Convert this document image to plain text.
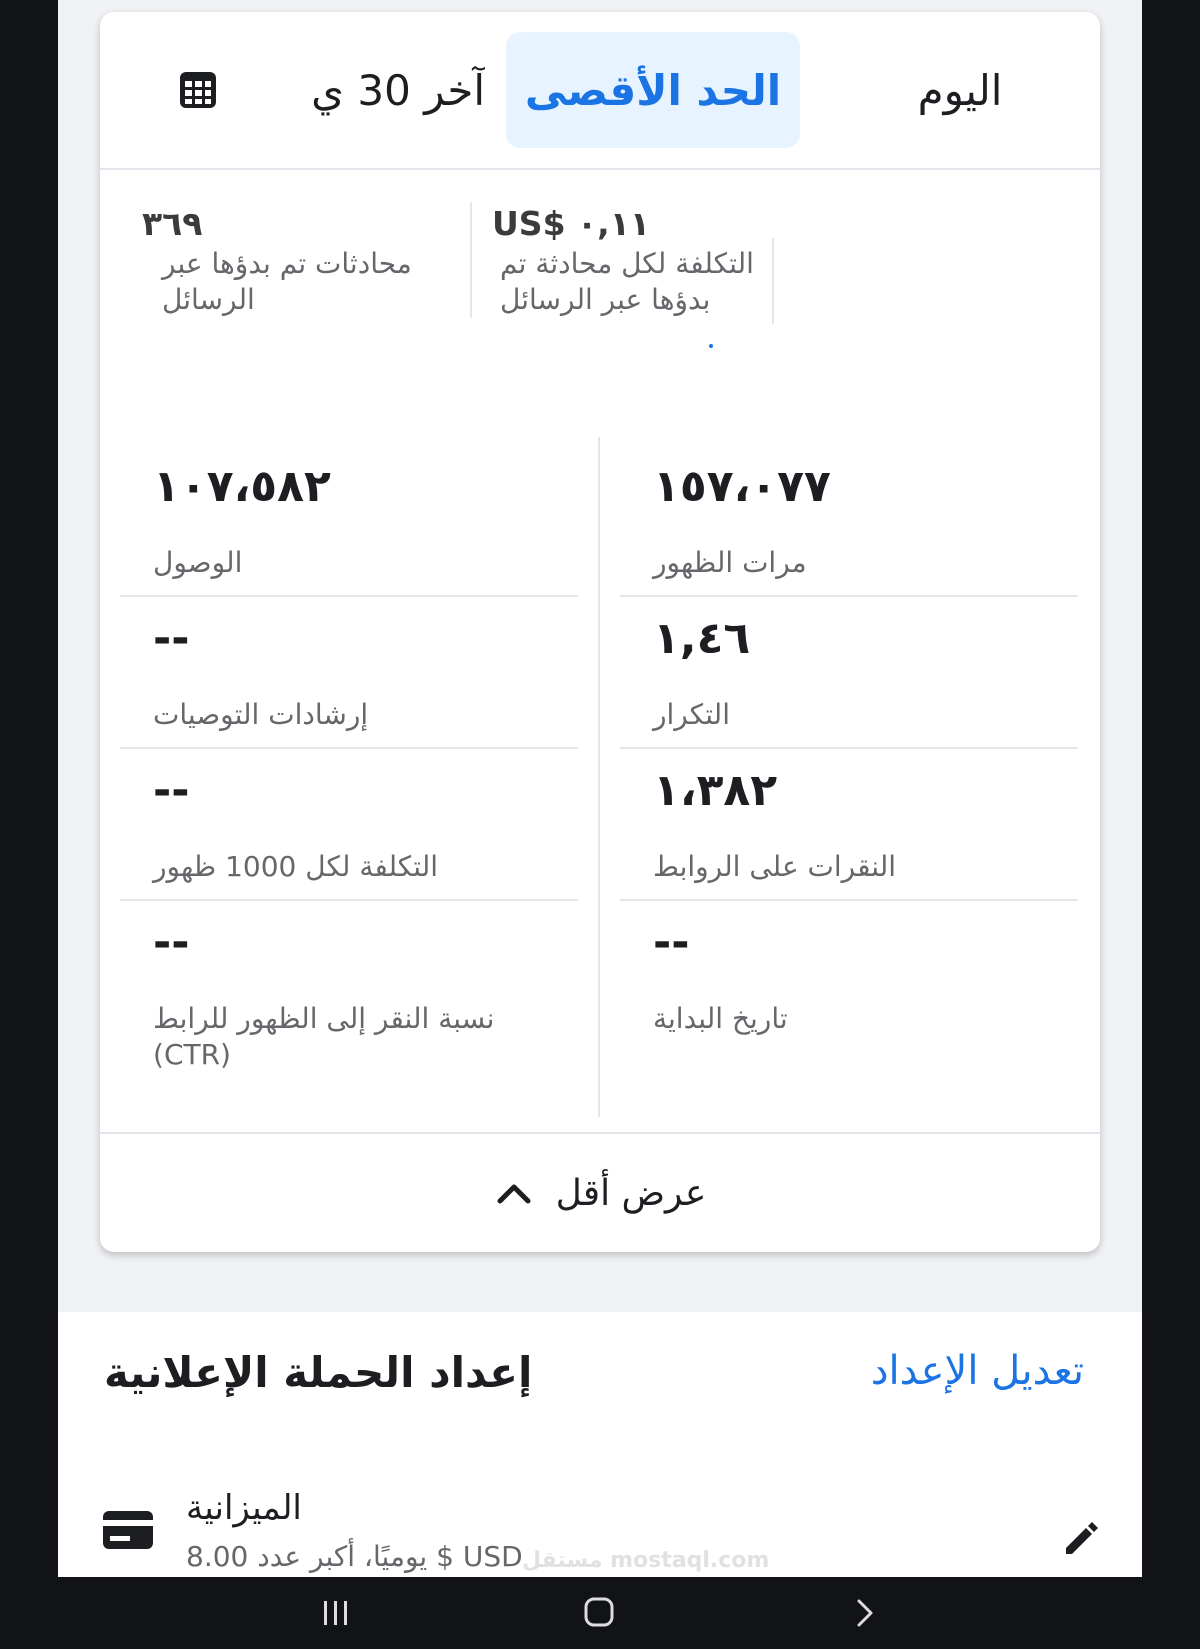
آخر 30 ي الحد الأقصى	اليوم
٣٦٩
محادثات تم بدؤها عبر الرسائل
US$ ٠,١١
التكلفة لكل محادثة تم بدؤها عبر الرسائل
١٥٧،٠٧٧
مرات الظهور
١٠٧،٥٨٢
الوصول
١,٤٦
التكرار
--
إرشادات التوصيات
١،٣٨٢
النقرات على الروابط
--
التكلفة لكل 1000 ظهور
--
تاريخ البداية
--
نسبة النقر إلى الظهور للرابط (CTR)
عرض أقل
إعداد الحملة الإعلانية	تعديل الإعداد
الميزانية
يوميًا، أكبر عدد 8.00 $ USD مستقل mostaql.com
